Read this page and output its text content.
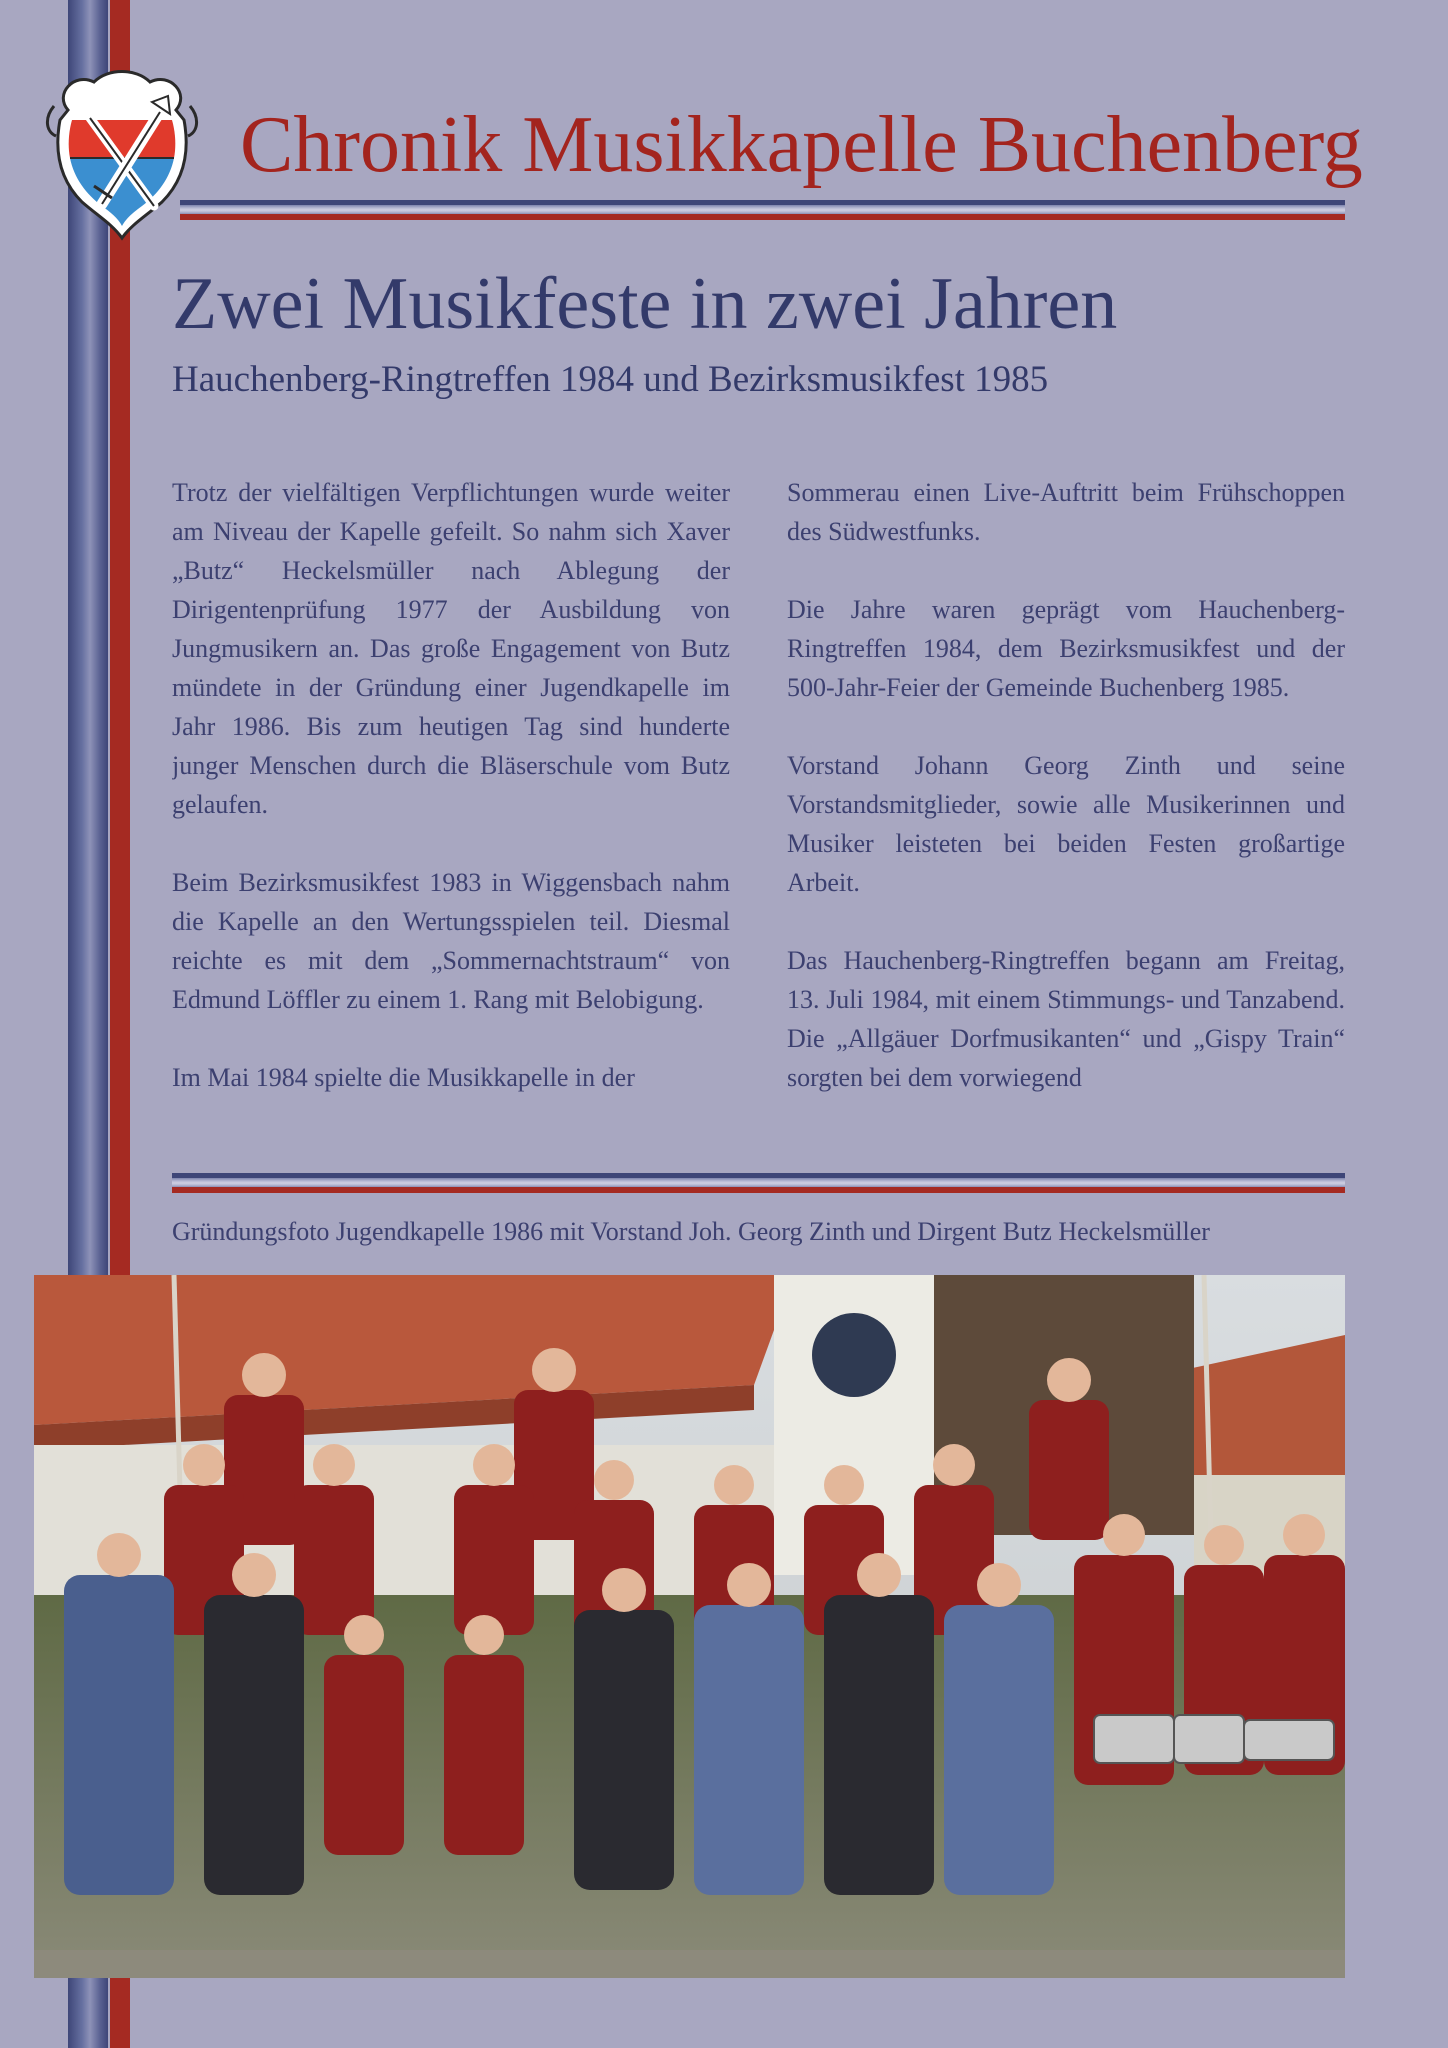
Chronik Musikkapelle Buchenberg
Zwei Musikfeste in zwei Jahren
Hauchenberg-Ringtreffen 1984 und Bezirksmusikfest 1985

Trotz der vielfältigen Verpflichtungen wurde weiter am Niveau der Kapelle gefeilt. So nahm sich Xaver „Butz“ Heckelsmüller nach Ablegung der Dirigentenprüfung 1977 der Ausbildung von Jungmusikern an. Das große Engagement von Butz mündete in der Gründung einer Jugendkapelle im Jahr 1986. Bis zum heutigen Tag sind hunderte junger Menschen durch die Bläserschule vom Butz gelaufen.

Beim Bezirksmusikfest 1983 in Wiggensbach nahm die Kapelle an den Wertungsspielen teil. Diesmal reichte es mit dem „Sommernachtstraum“ von Edmund Löffler zu einem 1. Rang mit Belobigung.

Im Mai 1984 spielte die Musikkapelle in der

Sommerau einen Live-Auftritt beim Frühschoppen des Südwestfunks.

Die Jahre waren geprägt vom Hauchenberg-Ringtreffen 1984, dem Bezirksmusikfest und der 500-Jahr-Feier der Gemeinde Buchenberg 1985.

Vorstand Johann Georg Zinth und seine Vorstandsmitglieder, sowie alle Musikerinnen und Musiker leisteten bei beiden Festen großartige Arbeit.

Das Hauchenberg-Ringtreffen begann am Freitag, 13. Juli 1984, mit einem Stimmungs- und Tanzabend. Die „Allgäuer Dorfmusikanten“ und „Gispy Train“ sorgten bei dem vorwiegend

Gründungsfoto Jugendkapelle 1986 mit Vorstand Joh. Georg Zinth und Dirgent Butz Heckelsmüller
